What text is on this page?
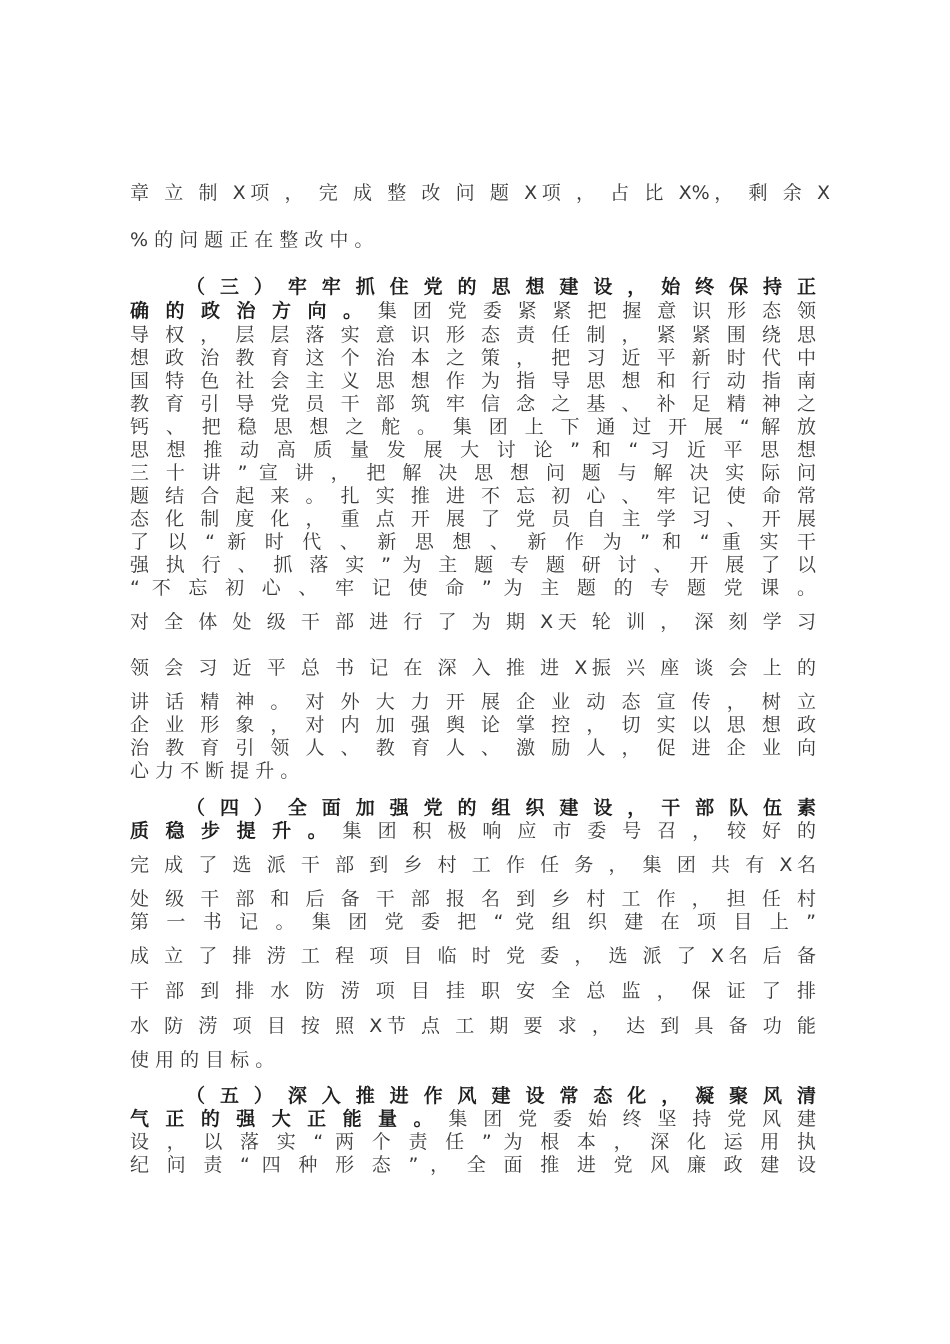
章 立 制 X项 ， 完 成 整 改 问 题 X项 ， 占 比 X%， 剩 余 X
% 的 问 题 正 在 整 改 中 。
（ 三 ） 牢 牢 抓 住 党 的 思 想 建 设 ， 始 终 保 持 正
确 的 政 治 方 向 。 集 团 党 委 紧 紧 把 握 意 识 形 态 领
导 权 ， 层 层 落 实 意 识 形 态 责 任 制 ， 紧 紧 围 绕 思
想 政 治 教 育 这 个 治 本 之 策 ， 把 习 近 平 新 时 代 中
国 特 色 社 会 主 义 思 想 作 为 指 导 思 想 和 行 动 指 南
教 育 引 导 党 员 干 部 筑 牢 信 念 之 基 、 补 足 精 神 之
钙 、 把 稳 思 想 之 舵 。 集 团 上 下 通 过 开 展 “ 解 放
思 想 推 动 高 质 量 发 展 大 讨 论 ” 和 “ 习 近 平 思 想
三 十 讲 ” 宣 讲 ， 把 解 决 思 想 问 题 与 解 决 实 际 问
题 结 合 起 来 。 扎 实 推 进 不 忘 初 心 、 牢 记 使 命 常
态 化 制 度 化 ， 重 点 开 展 了 党 员 自 主 学 习 、 开 展
了 以 “ 新 时 代 、 新 思 想 、 新 作 为 ” 和 “ 重 实 干
强 执 行 、 抓 落 实 ” 为 主 题 专 题 研 讨 、 开 展 了 以
“ 不 忘 初 心 、 牢 记 使 命 ” 为 主 题 的 专 题 党 课 。
对 全 体 处 级 干 部 进 行 了 为 期 X天 轮 训 ， 深 刻 学 习
领 会 习 近 平 总 书 记 在 深 入 推 进 X振 兴 座 谈 会 上 的
讲 话 精 神 。 对 外 大 力 开 展 企 业 动 态 宣 传 ， 树 立
企 业 形 象 ， 对 内 加 强 舆 论 掌 控 ， 切 实 以 思 想 政
治 教 育 引 领 人 、 教 育 人 、 激 励 人 ， 促 进 企 业 向
心 力 不 断 提 升 。
（ 四 ） 全 面 加 强 党 的 组 织 建 设 ， 干 部 队 伍 素
质 稳 步 提 升 。 集 团 积 极 响 应 市 委 号 召 ， 较 好 的
完 成 了 选 派 干 部 到 乡 村 工 作 任 务 ， 集 团 共 有 X名
处 级 干 部 和 后 备 干 部 报 名 到 乡 村 工 作 ， 担 任 村
第 一 书 记 。 集 团 党 委 把 “ 党 组 织 建 在 项 目 上 ”
成 立 了 排 涝 工 程 项 目 临 时 党 委 ， 选 派 了 X名 后 备
干 部 到 排 水 防 涝 项 目 挂 职 安 全 总 监 ， 保 证 了 排
水 防 涝 项 目 按 照 X节 点 工 期 要 求 ， 达 到 具 备 功 能
使 用 的 目 标 。
（ 五 ） 深 入 推 进 作 风 建 设 常 态 化 ， 凝 聚 风 清
气 正 的 强 大 正 能 量 。 集 团 党 委 始 终 坚 持 党 风 建
设 ， 以 落 实 “ 两 个 责 任 ” 为 根 本 ， 深 化 运 用 执
纪 问 责 “ 四 种 形 态 ” ， 全 面 推 进 党 风 廉 政 建 设
